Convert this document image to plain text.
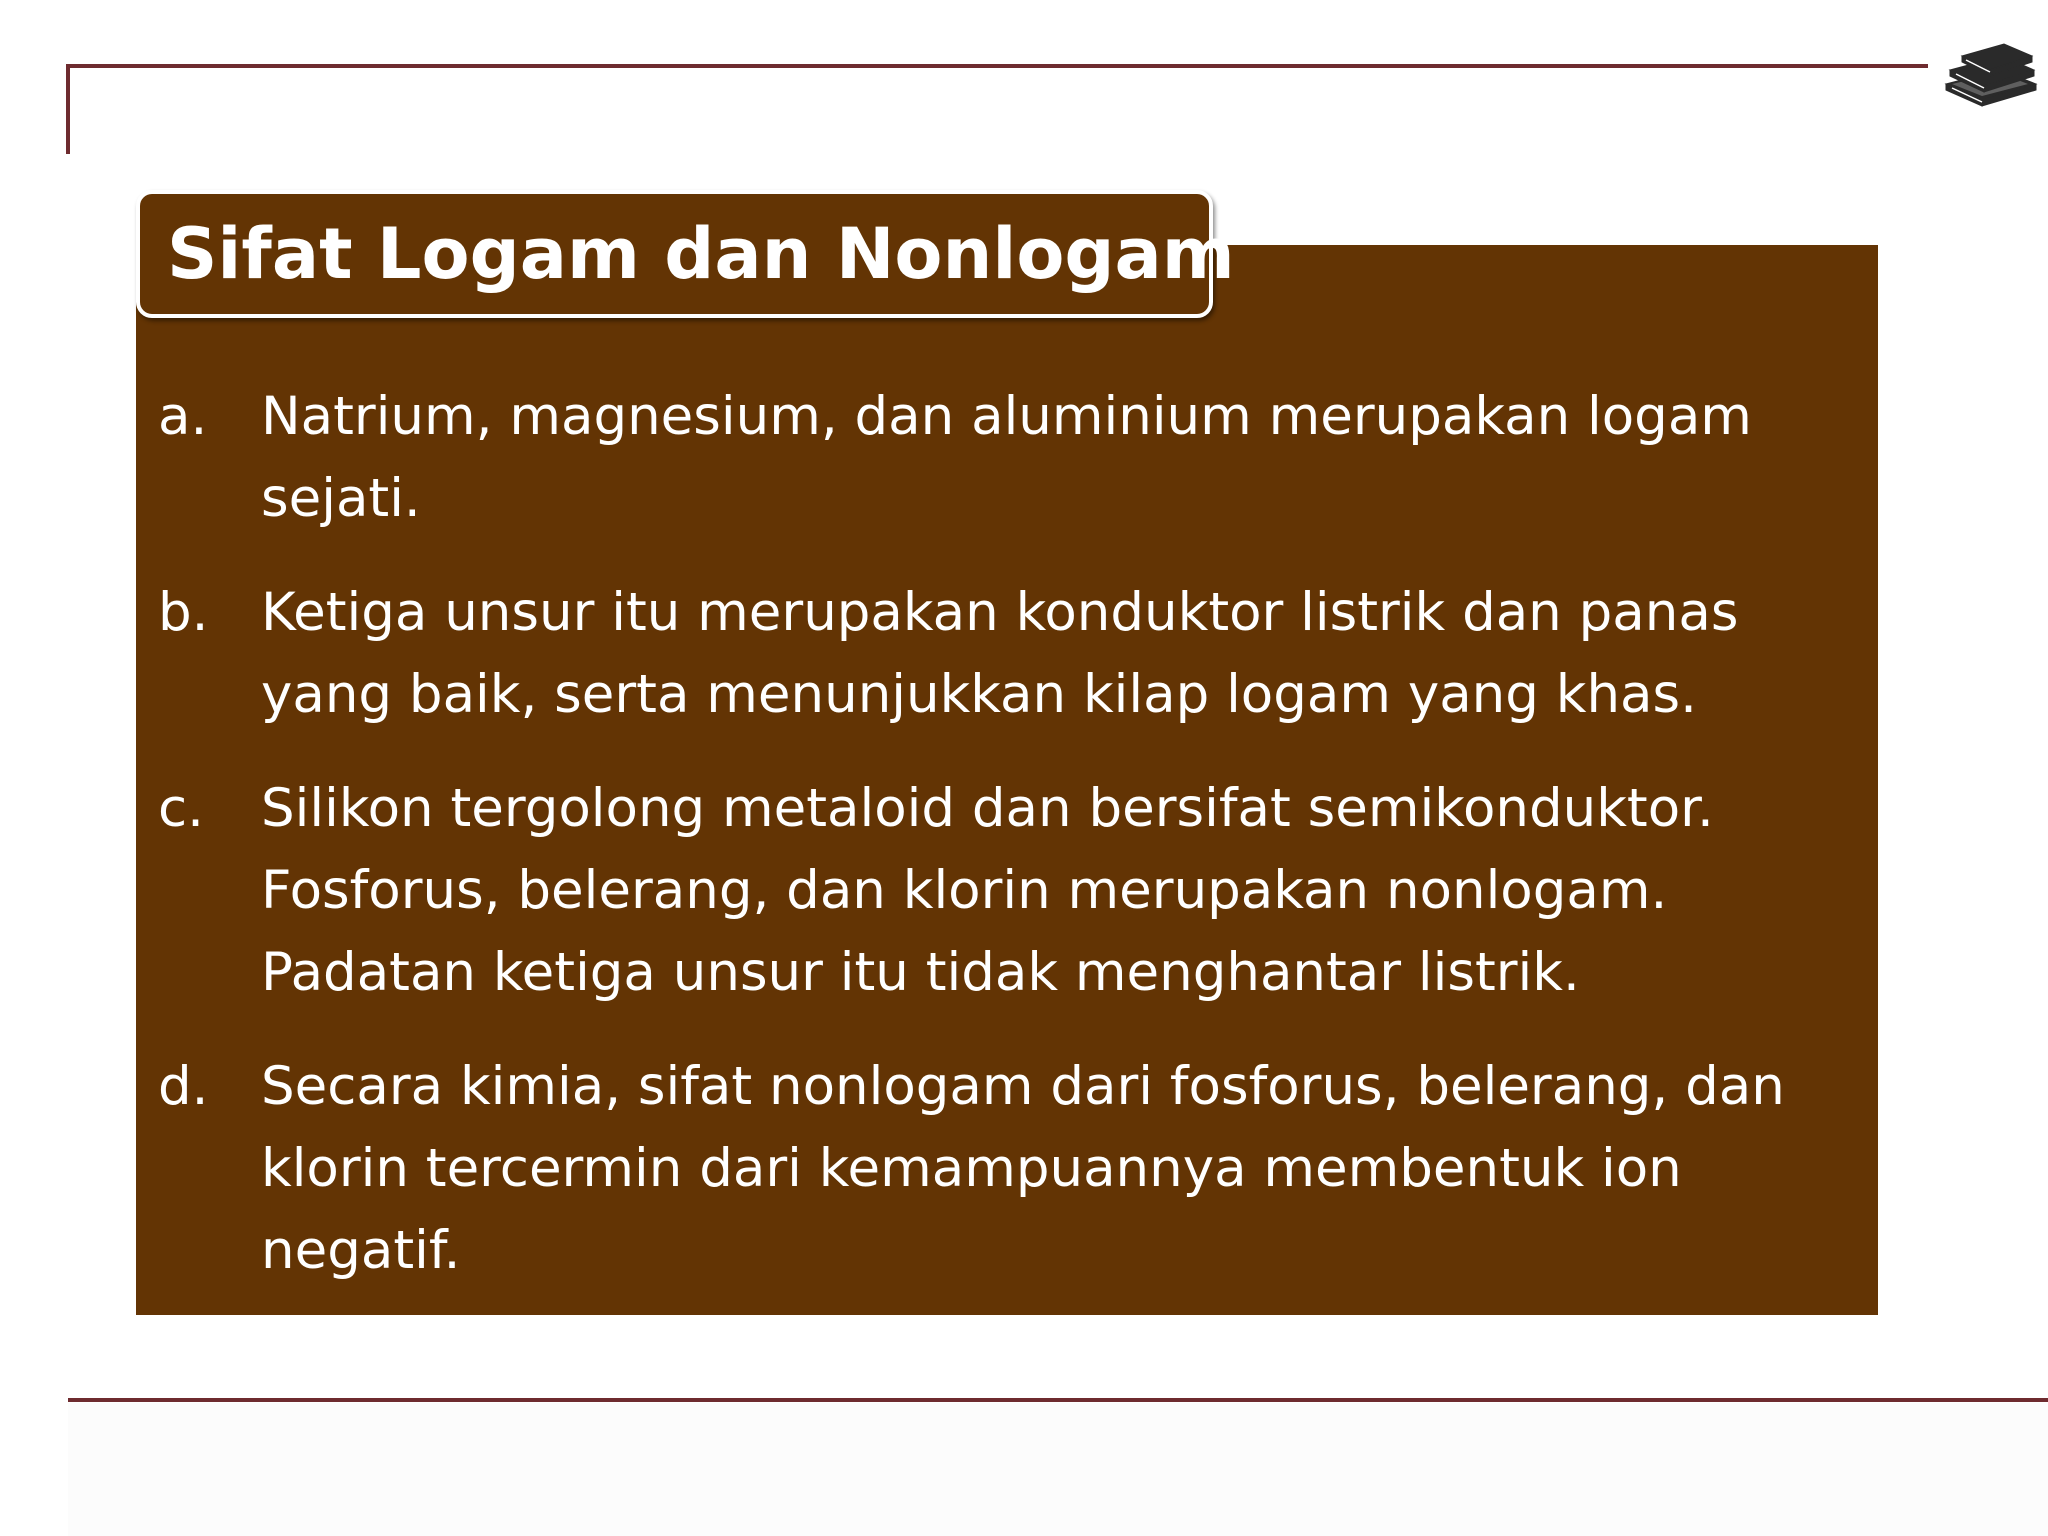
Sifat Logam dan Nonlogam
a. Natrium, magnesium, dan aluminium merupakan logam sejati.
b. Ketiga unsur itu merupakan konduktor listrik dan panas yang baik, serta menunjukkan kilap logam yang khas.
c. Silikon tergolong metaloid dan bersifat semikonduktor. Fosforus, belerang, dan klorin merupakan nonlogam. Padatan ketiga unsur itu tidak menghantar listrik.
d. Secara kimia, sifat nonlogam dari fosforus, belerang, dan klorin tercermin dari kemampuannya membentuk ion negatif.
